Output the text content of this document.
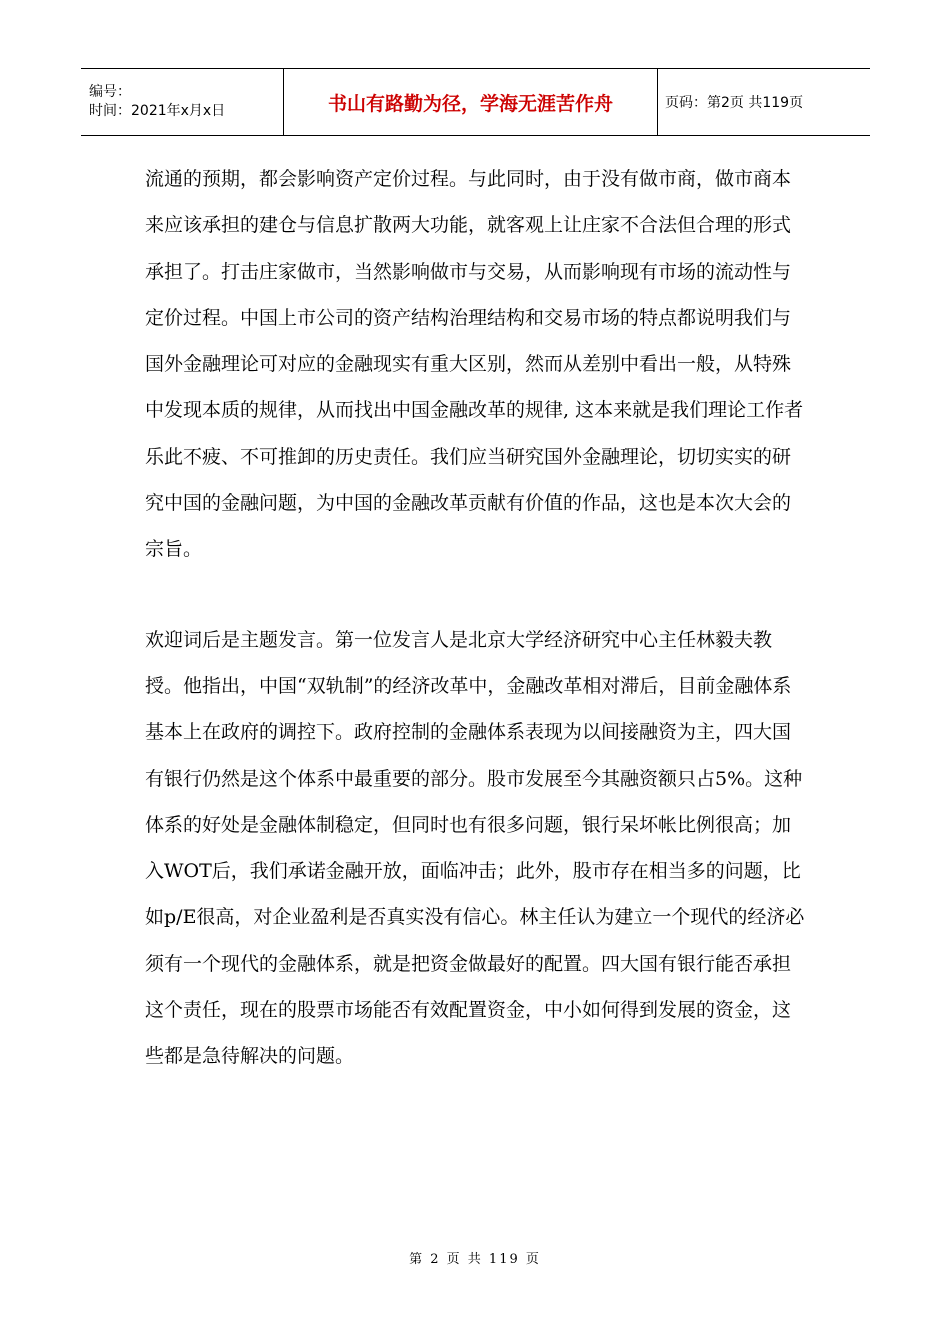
编号：
时间：2021年x月x日	书山有路勤为径，学海无涯苦作舟	页码：第2页 共119页

流通的预期，都会影响资产定价过程。与此同时，由于没有做市商，做市商本来应该承担的建仓与信息扩散两大功能，就客观上让庄家不合法但合理的形式承担了。打击庄家做市，当然影响做市与交易，从而影响现有市场的流动性与定价过程。中国上市公司的资产结构治理结构和交易市场的特点都说明我们与国外金融理论可对应的金融现实有重大区别，然而从差别中看出一般，从特殊中发现本质的规律，从而找出中国金融改革的规律, 这本来就是我们理论工作者乐此不疲、不可推卸的历史责任。我们应当研究国外金融理论，切切实实的研究中国的金融问题，为中国的金融改革贡献有价值的作品，这也是本次大会的宗旨。

欢迎词后是主题发言。第一位发言人是北京大学经济研究中心主任林毅夫教授。他指出，中国“双轨制”的经济改革中，金融改革相对滞后，目前金融体系基本上在政府的调控下。政府控制的金融体系表现为以间接融资为主，四大国有银行仍然是这个体系中最重要的部分。股市发展至今其融资额只占5%。这种体系的好处是金融体制稳定，但同时也有很多问题，银行呆坏帐比例很高；加入WOT后，我们承诺金融开放，面临冲击；此外，股市存在相当多的问题，比如p/E很高，对企业盈利是否真实没有信心。林主任认为建立一个现代的经济必须有一个现代的金融体系，就是把资金做最好的配置。四大国有银行能否承担这个责任，现在的股票市场能否有效配置资金，中小如何得到发展的资金，这些都是急待解决的问题。

第 2 页 共 119 页
